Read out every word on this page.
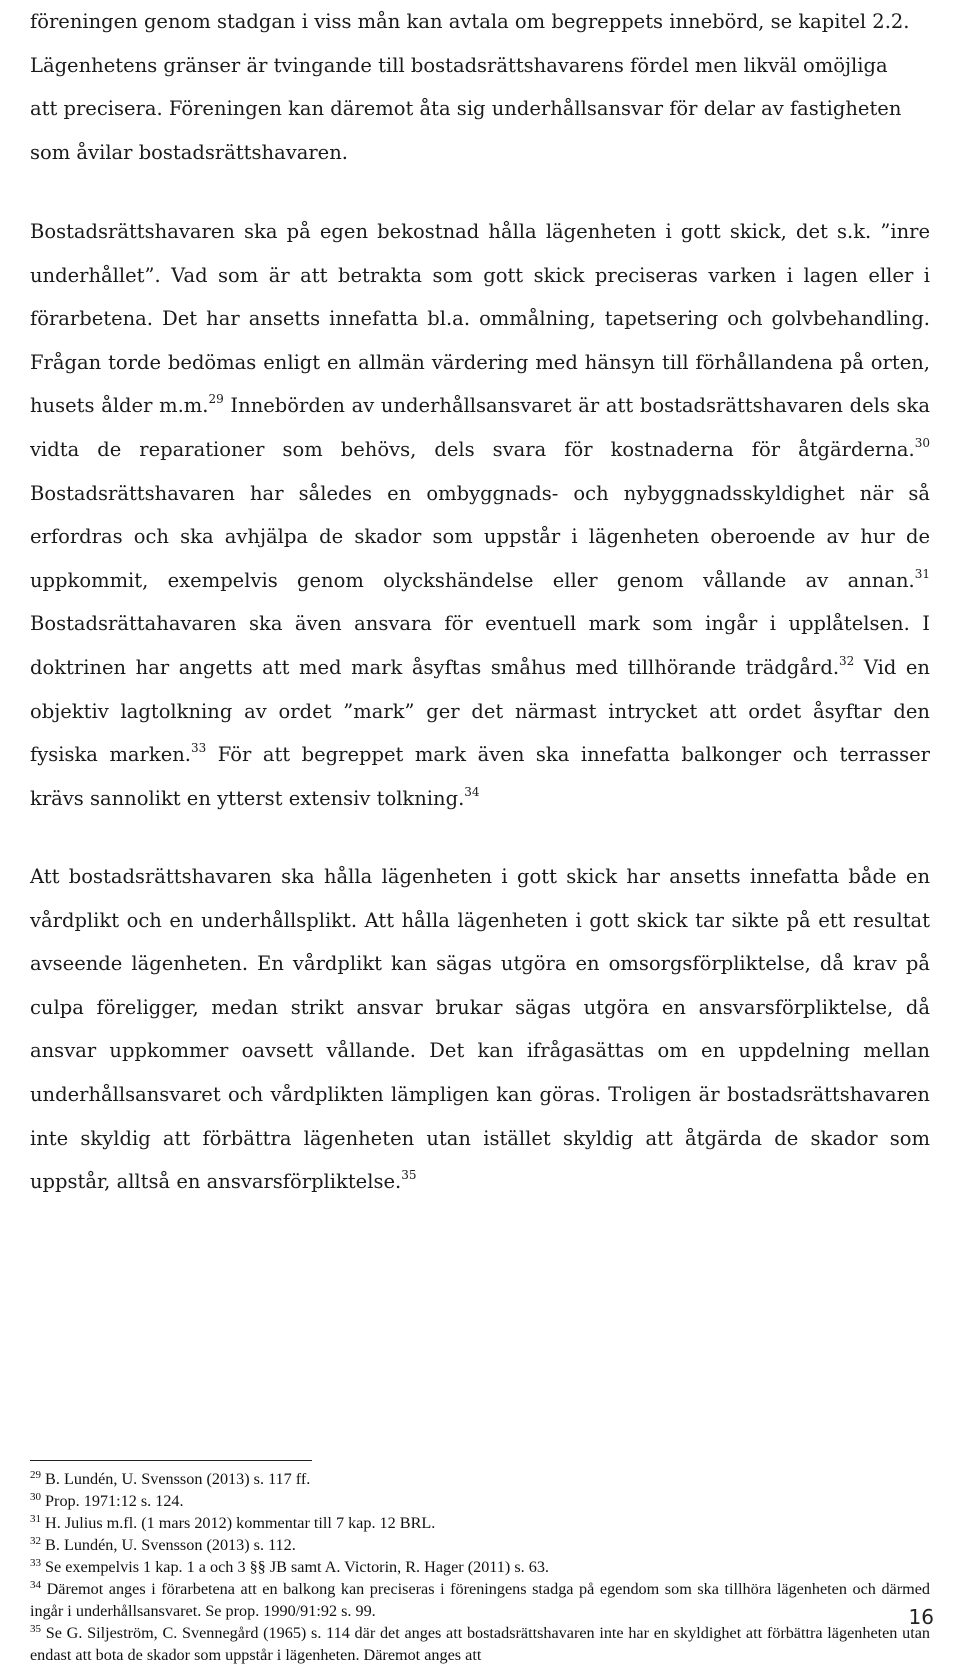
föreningen genom stadgan i viss mån kan avtala om begreppets innebörd, se kapitel 2.2.
Lägenhetens gränser är tvingande till bostadsrättshavarens fördel men likväl omöjliga
att precisera. Föreningen kan däremot åta sig underhållsansvar för delar av fastigheten
som åvilar bostadsrättshavaren.

Bostadsrättshavaren ska på egen bekostnad hålla lägenheten i gott skick, det s.k. ”inre underhållet”. Vad som är att betrakta som gott skick preciseras varken i lagen eller i förarbetena. Det har ansetts innefatta bl.a. ommålning, tapetsering och golvbehandling. Frågan torde bedömas enligt en allmän värdering med hänsyn till förhållandena på orten, husets ålder m.m.$^{29}$ Innebörden av underhållsansvaret är att bostadsrättshavaren dels ska vidta de reparationer som behövs, dels svara för kostnaderna för åtgärderna.$^{30}$ Bostadsrättshavaren har således en ombyggnads- och nybyggnadsskyldighet när så erfordras och ska avhjälpa de skador som uppstår i lägenheten oberoende av hur de uppkommit, exempelvis genom olyckshändelse eller genom vållande av annan.$^{31}$ Bostadsrättahavaren ska även ansvara för eventuell mark som ingår i upplåtelsen. I doktrinen har angetts att med mark åsyftas småhus med tillhörande trädgård.$^{32}$ Vid en objektiv lagtolkning av ordet ”mark” ger det närmast intrycket att ordet åsyftar den fysiska marken.$^{33}$ För att begreppet mark även ska innefatta balkonger och terrasser krävs sannolikt en ytterst extensiv tolkning.$^{34}$

Att bostadsrättshavaren ska hålla lägenheten i gott skick har ansetts innefatta både en vårdplikt och en underhållsplikt. Att hålla lägenheten i gott skick tar sikte på ett resultat avseende lägenheten. En vårdplikt kan sägas utgöra en omsorgsförpliktelse, då krav på culpa föreligger, medan strikt ansvar brukar sägas utgöra en ansvarsförpliktelse, då ansvar uppkommer oavsett vållande. Det kan ifrågasättas om en uppdelning mellan underhållsansvaret och vårdplikten lämpligen kan göras. Troligen är bostadsrättshavaren inte skyldig att förbättra lägenheten utan istället skyldig att åtgärda de skador som uppstår, alltså en ansvarsförpliktelse.$^{35}$

$^{29}$ B. Lundén, U. Svensson (2013) s. 117 ff.

$^{30}$ Prop. 1971:12 s. 124.

$^{31}$ H. Julius m.fl. (1 mars 2012) kommentar till 7 kap. 12 BRL.

$^{32}$ B. Lundén, U. Svensson (2013) s. 112.

$^{33}$ Se exempelvis 1 kap. 1 a och 3 §§ JB samt A. Victorin, R. Hager (2011) s. 63.

$^{34}$ Däremot anges i förarbetena att en balkong kan preciseras i föreningens stadga på egendom som ska tillhöra lägenheten och därmed ingår i underhållsansvaret. Se prop. 1990/91:92 s. 99.

$^{35}$ Se G. Siljeström, C. Svennegård (1965) s. 114 där det anges att bostadsrättshavaren inte har en skyldighet att förbättra lägenheten utan endast att bota de skador som uppstår i lägenheten. Däremot anges att

16
